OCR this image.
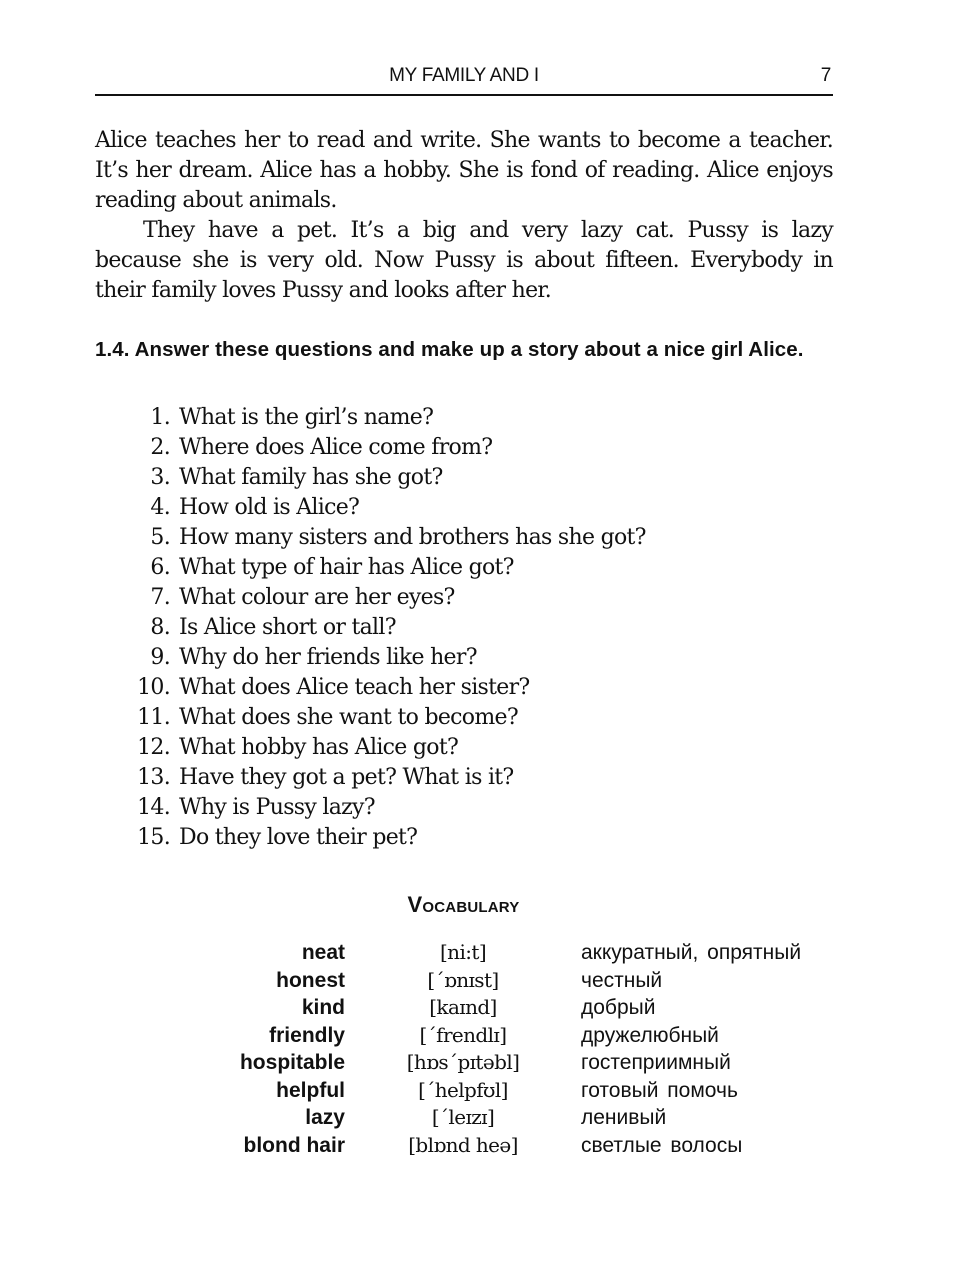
MY FAMILY AND I	7

Alice teaches her to read and write. She wants to become a teacher. It’s her dream. Alice has a hobby. She is fond of reading. Alice enjoys reading about animals.

They have a pet. It’s a big and very lazy cat. Pussy is lazy because she is very old. Now Pussy is about fifteen. Everybody in their family loves Pussy and looks after her.

1.4. Answer these questions and make up a story about a nice girl Alice.
1. What is the girl’s name?
2. Where does Alice come from?
3. What family has she got?
4. How old is Alice?
5. How many sisters and brothers has she got?
6. What type of hair has Alice got?
7. What colour are her eyes?
8. Is Alice short or tall?
9. Why do her friends like her?
10. What does Alice teach her sister?
11. What does she want to become?
12. What hobby has Alice got?
13. Have they got a pet? What is it?
14. Why is Pussy lazy?
15. Do they love their pet?
Vocabulary
neat	[ni:t]	аккуратный, опрятный
honest	[´ɒnɪst]	честный
kind	[kaɪnd]	добрый
friendly	[´frendlɪ]	дружелюбный
hospitable	[hɒs´pɪtəbl]	гостеприимный
helpful	[´helpfʊl]	готовый помочь
lazy	[´leɪzɪ]	ленивый
blond hair	[blɒnd heə]	светлые волосы
